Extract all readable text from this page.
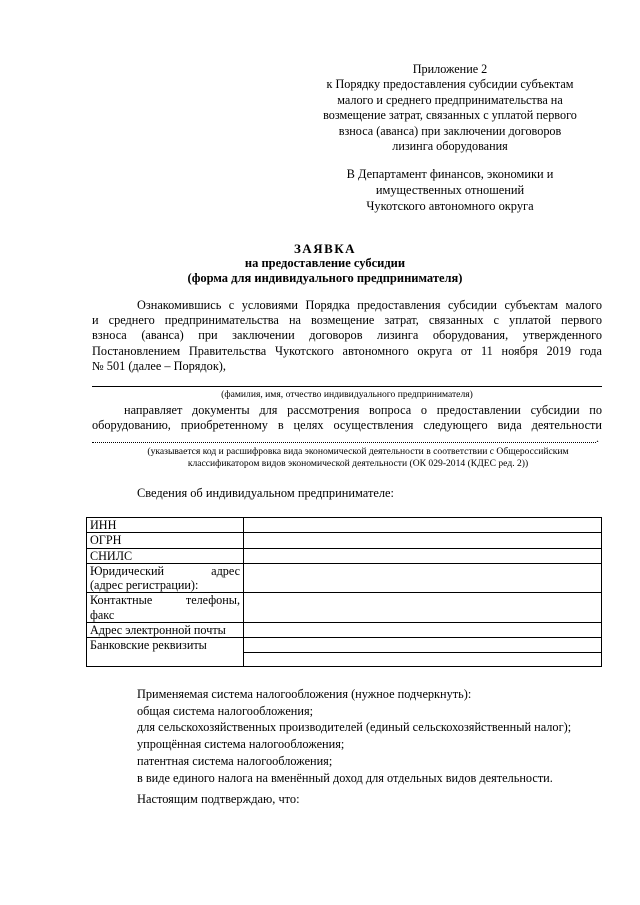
Приложение 2
к Порядку предоставления субсидии субъектам
малого и среднего предпринимательства на
возмещение затрат, связанных с уплатой первого
взноса (аванса) при заключении договоров
лизинга оборудования
В Департамент финансов, экономики и
имущественных отношений
Чукотского автономного округа
ЗАЯВКА
на предоставление субсидии
(форма для индивидуального предпринимателя)
Ознакомившись с условиями Порядка предоставления субсидии субъектам малого
и среднего предпринимательства на возмещение затрат, связанных с уплатой первого
взноса (аванса) при заключении договоров лизинга оборудования, утвержденного
Постановлением Правительства Чукотского автономного округа от 11 ноября 2019 года
№ 501 (далее – Порядок),
(фамилия, имя, отчество индивидуального предпринимателя)
направляет документы для рассмотрения вопроса о предоставлении субсидии по
оборудованию, приобретенному в целях осуществления следующего вида деятельности
.
(указывается код и расшифровка вида экономической деятельности в соответствии с Общероссийским
классификатором видов экономической деятельности (ОК 029-2014 (КДЕС ред. 2))
Сведения об индивидуальном предпринимателе:
ИНН	
ОГРН	
СНИЛС	

Юридический адрес
(адрес регистрации):	

Контактные телефоны,
факс	

Адрес электронной почты	
Банковские реквизиты	

Применяемая система налогообложения (нужное подчеркнуть):
общая система налогообложения;
для сельскохозяйственных производителей (единый сельскохозяйственный налог);
упрощённая система налогообложения;
патентная система налогообложения;
в виде единого налога на вменённый доход для отдельных видов деятельности.
Настоящим подтверждаю, что:
